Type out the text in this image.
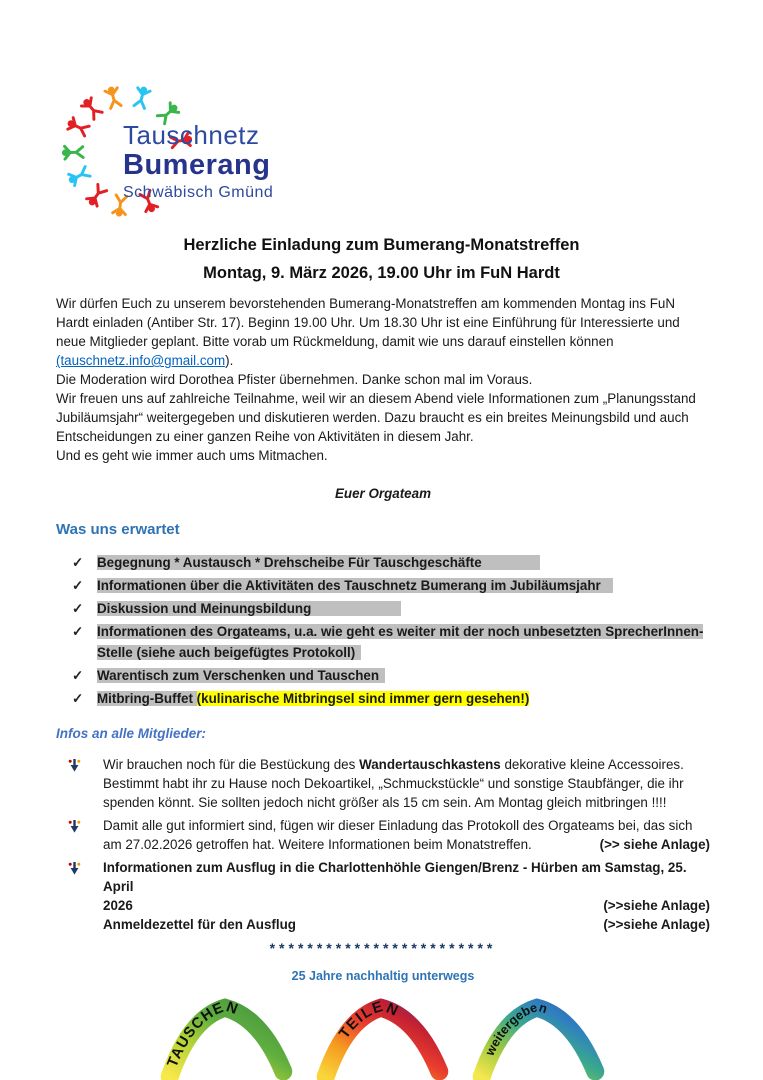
Tauschnetz
Bumerang
Schwäbisch Gmünd
Herzliche Einladung zum Bumerang-Monatstreffen
Montag, 9. März 2026, 19.00 Uhr im FuN Hardt

Wir dürfen Euch zu unserem bevorstehenden Bumerang-Monatstreffen am kommenden Montag ins FuN Hardt einladen (Antiber Str. 17). Beginn 19.00 Uhr. Um 18.30 Uhr ist eine Einführung für Interessierte und neue Mitglieder geplant. Bitte vorab um Rückmeldung, damit wie uns darauf einstellen können (tauschnetz.info@gmail.com).

Die Moderation wird Dorothea Pfister übernehmen. Danke schon mal im Voraus.

Wir freuen uns auf zahlreiche Teilnahme, weil wir an diesem Abend viele Informationen zum „Planungsstand Jubiläumsjahr“ weitergegeben und diskutieren werden. Dazu braucht es ein breites Meinungsbild und auch Entscheidungen zu einer ganzen Reihe von Aktivitäten in diesem Jahr.

Und es geht wie immer auch ums Mitmachen.

Euer Orgateam
Was uns erwartet
✓ Begegnung * Austausch * Drehscheibe Für Tauschgeschäfte
✓ Informationen über die Aktivitäten des Tauschnetz Bumerang im Jubiläumsjahr
✓ Diskussion und Meinungsbildung
✓ Informationen des Orgateams, u.a. wie geht es weiter mit der noch unbesetzten SprecherInnen-Stelle (siehe auch beigefügtes Protokoll)
✓ Warentisch zum Verschenken und Tauschen
✓ Mitbring-Buffet (kulinarische Mitbringsel sind immer gern gesehen!)
Infos an alle Mitglieder:
Wir brauchen noch für die Bestückung des Wandertauschkastens dekorative kleine Accessoires. Bestimmt habt ihr zu Hause noch Dekoartikel, „Schmuckstückle“ und sonstige Staubfänger, die ihr spenden könnt. Sie sollten jedoch nicht größer als 15 cm sein. Am Montag gleich mitbringen !!!!
Damit alle gut informiert sind, fügen wir dieser Einladung das Protokoll des Orgateams bei, das sich am 27.02.2026 getroffen hat. Weitere Informationen beim Monatstreffen.	(>> siehe Anlage)
Informationen zum Ausflug in die Charlottenhöhle Giengen/Brenz - Hürben am Samstag, 25. April
2026	(>>siehe Anlage)
Anmeldezettel für den Ausflug	(>>siehe Anlage)
************************
25 Jahre nachhaltig unterwegs
TAUSCHEN
TEILEN
weitergeben
